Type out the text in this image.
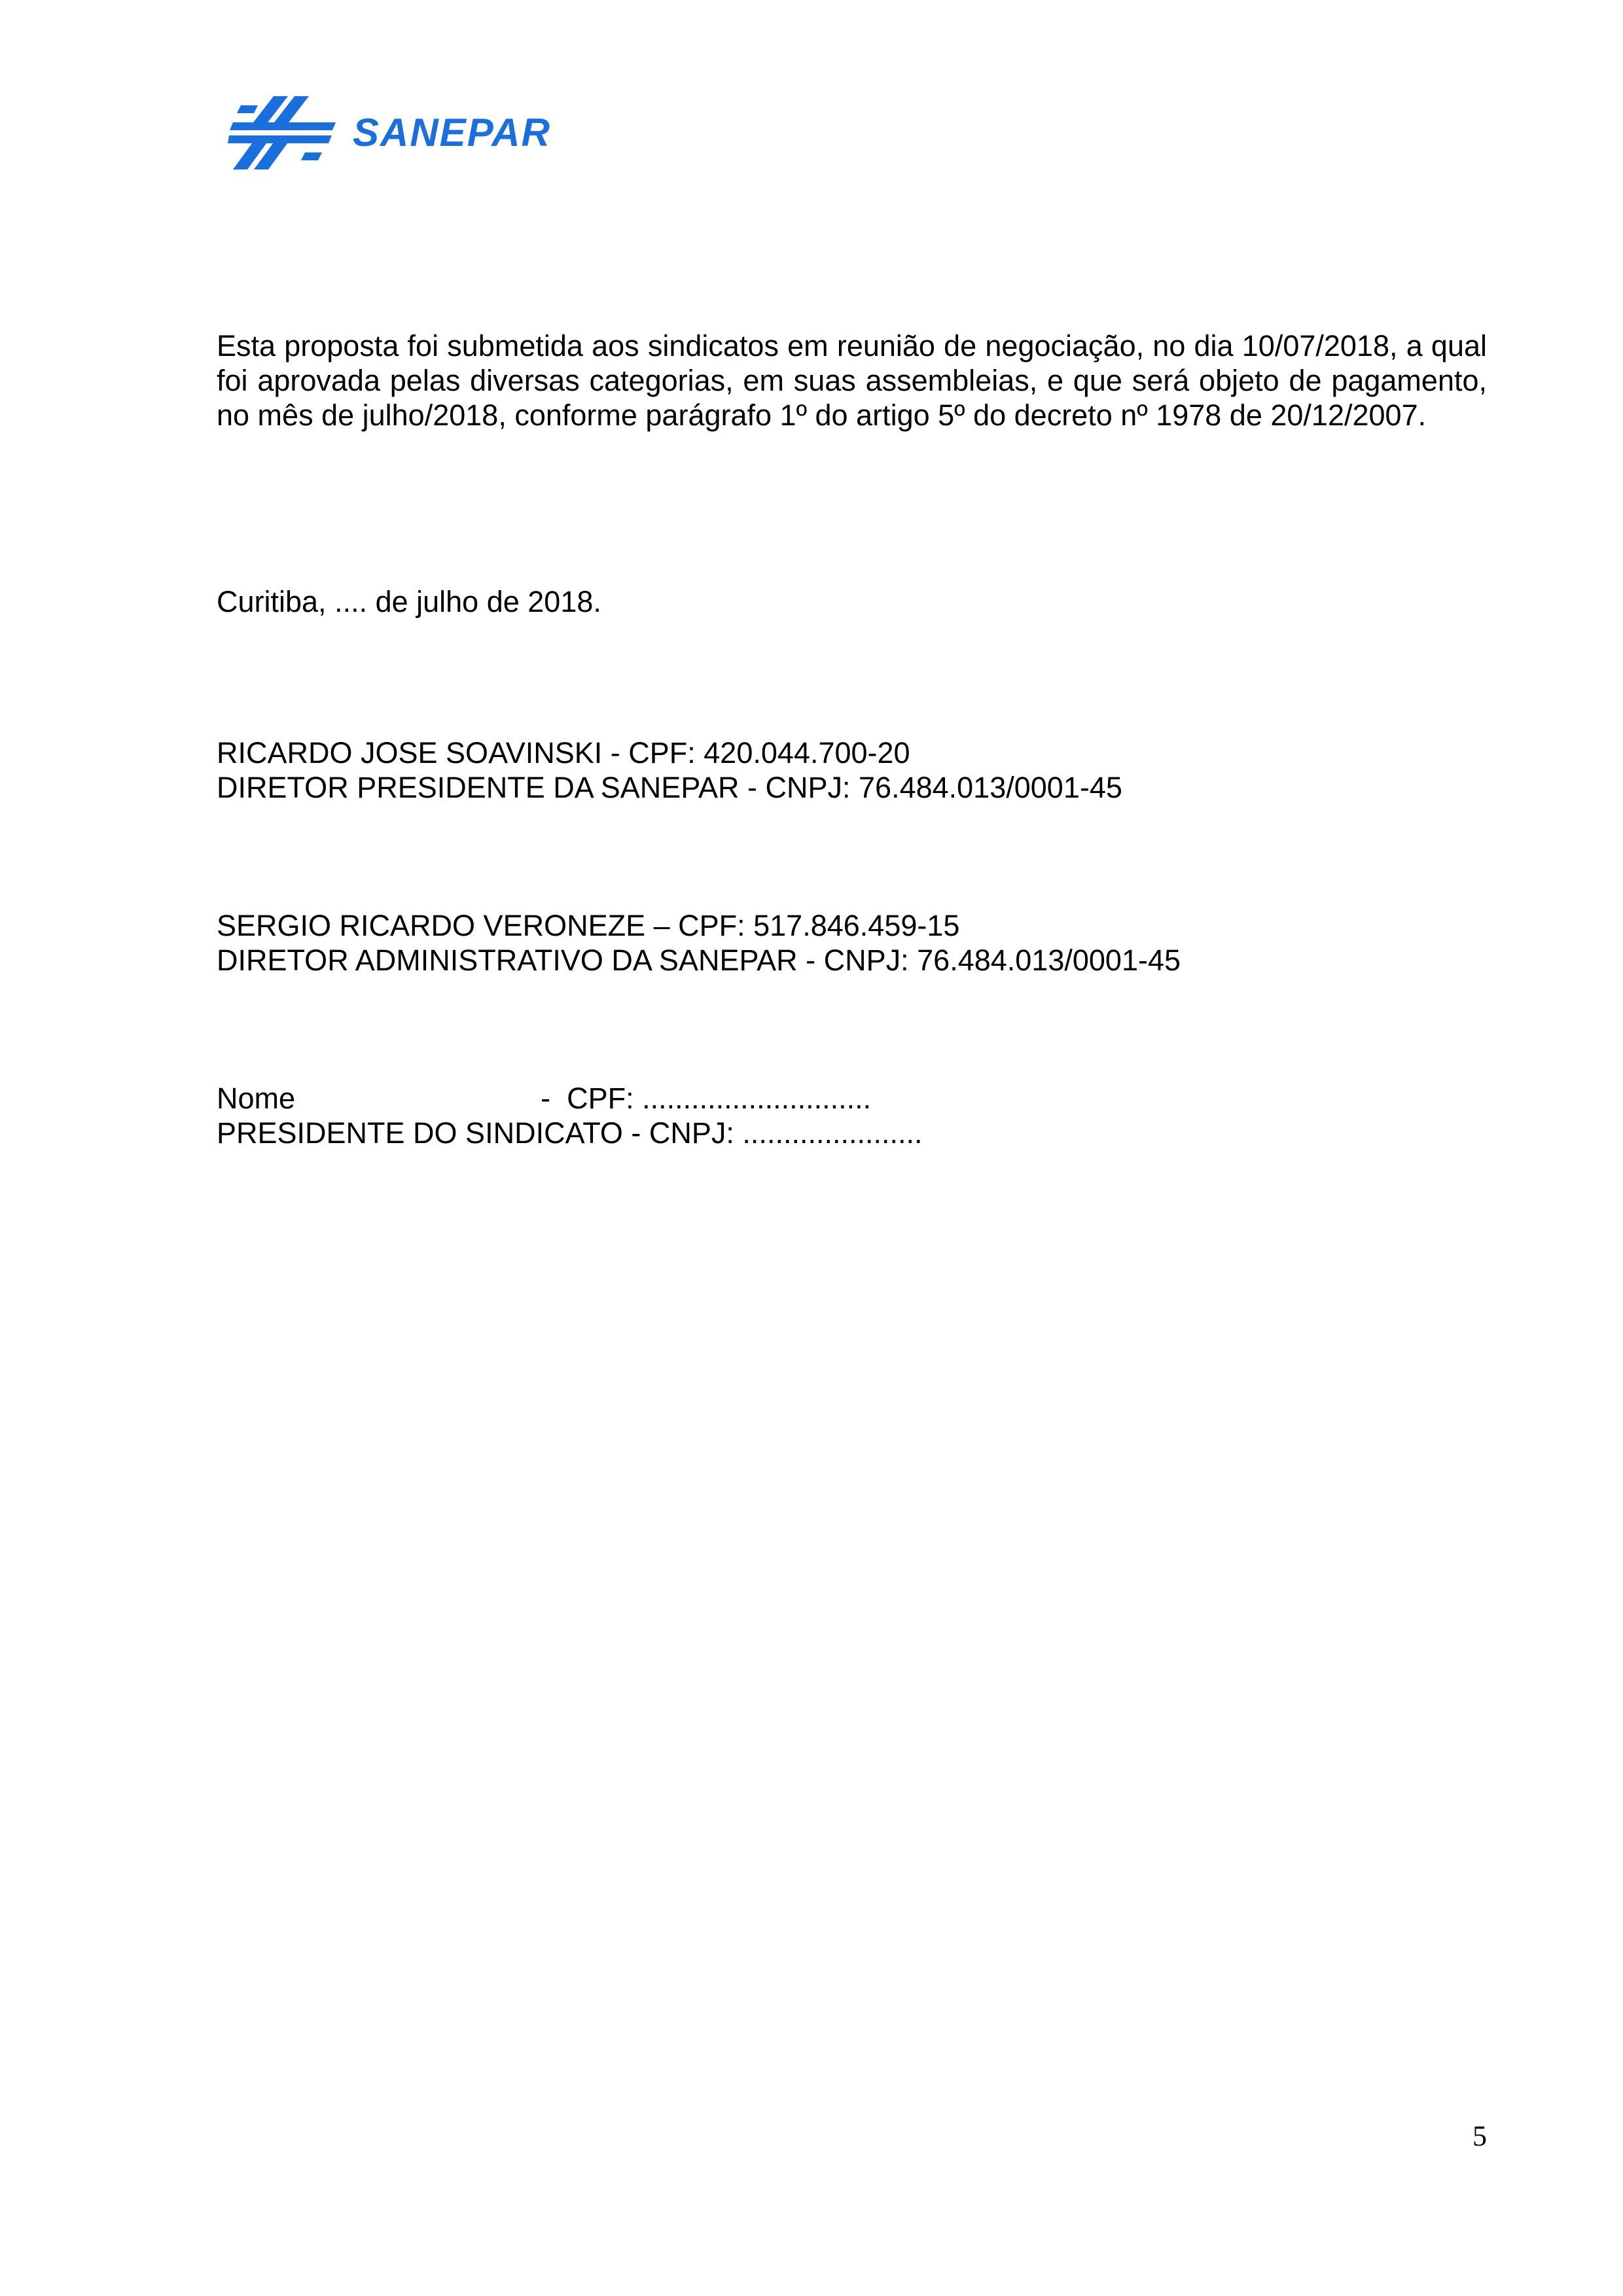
SANEPAR

Esta proposta foi submetida aos sindicatos em reunião de negociação, no dia 10/07/2018, a qual foi aprovada pelas diversas categorias, em suas assembleias, e que será objeto de pagamento, no mês de julho/2018, conforme parágrafo 1º do artigo 5º do decreto nº 1978 de 20/12/2007.

Curitiba, .... de julho de 2018.

RICARDO JOSE SOAVINSKI - CPF: 420.044.700-20

DIRETOR PRESIDENTE DA SANEPAR - CNPJ: 76.484.013/0001-45

SERGIO RICARDO VERONEZE – CPF: 517.846.459-15

DIRETOR ADMINISTRATIVO DA SANEPAR - CNPJ: 76.484.013/0001-45

Nome                              -  CPF: ............................

PRESIDENTE DO SINDICATO - CNPJ: ......................

5
